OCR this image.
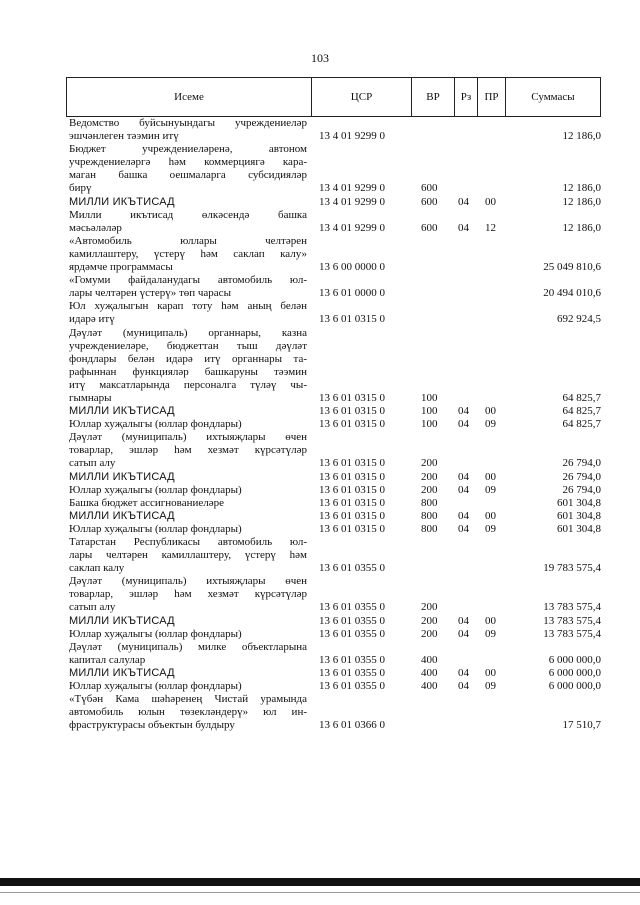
103
Исеме	ЦСР	ВР	Рз	ПР	Суммасы
Ведомство буйсынуындагы учреждениеләр
эшчәнлеген тәэмин итү	13 4 01 9299 0	12 186,0
Бюджет учреждениеләренә, автоном
учреждениеләргә һәм коммерциягә кара-
маган башка оешмаларга субсидияләр
бирү	13 4 01 9299 0	600	12 186,0
МИЛЛИ ИКЪТИСАД	13 4 01 9299 0	600 04 00	12 186,0
Милли икътисад өлкәсендә башка
мәсьәләләр	13 4 01 9299 0	600 04 12	12 186,0
«Автомобиль юллары челтәрен
камиллаштеру, үстерү һәм саклап калу»
ярдәмче программасы	13 6 00 0000 0	25 049 810,6
«Гомуми файдаланудагы автомобиль юл-
лары челтәрен үстерү» төп чарасы	13 6 01 0000 0	20 494 010,6
Юл хуҗалыгын карап тоту һәм аның белән
идарә итү	13 6 01 0315 0	692 924,5
Дәүләт (муниципаль) органнары, казна
учреждениеләре, бюджеттан тыш дәүләт
фондлары белән идарә итү органнары та-
рафыннан функцияләр башкаруны тәэмин
итү максатларында персоналга түләү чы-
гымнары	13 6 01 0315 0	100	64 825,7
МИЛЛИ ИКЪТИСАД	13 6 01 0315 0	100 04 00	64 825,7
Юллар хуҗалыгы (юллар фондлары)	13 6 01 0315 0	100 04 09	64 825,7
Дәүләт (муниципаль) ихтыяҗлары өчен
товарлар, эшләр һәм хезмәт күрсәтүләр
сатып алу	13 6 01 0315 0	200	26 794,0
МИЛЛИ ИКЪТИСАД	13 6 01 0315 0	200 04 00	26 794,0
Юллар хуҗалыгы (юллар фондлары)	13 6 01 0315 0	200 04 09	26 794,0
Башка бюджет ассигнованиеләре	13 6 01 0315 0	800	601 304,8
МИЛЛИ ИКЪТИСАД	13 6 01 0315 0	800 04 00	601 304,8
Юллар хуҗалыгы (юллар фондлары)	13 6 01 0315 0	800 04 09	601 304,8
Татарстан Республикасы автомобиль юл-
лары челтәрен камиллаштеру, үстерү һәм
саклап калу	13 6 01 0355 0	19 783 575,4
Дәүләт (муниципаль) ихтыяҗлары өчен
товарлар, эшләр һәм хезмәт күрсәтүләр
сатып алу	13 6 01 0355 0	200	13 783 575,4
МИЛЛИ ИКЪТИСАД	13 6 01 0355 0	200 04 00	13 783 575,4
Юллар хуҗалыгы (юллар фондлары)	13 6 01 0355 0	200 04 09	13 783 575,4
Дәүләт (муниципаль) милке объектларына
капитал салулар	13 6 01 0355 0	400	6 000 000,0
МИЛЛИ ИКЪТИСАД	13 6 01 0355 0	400 04 00	6 000 000,0
Юллар хуҗалыгы (юллар фондлары)	13 6 01 0355 0	400 04 09	6 000 000,0
«Түбән Кама шәһәренең Чистай урамында
автомобиль юлын төзекләндерү» юл ин-
фраструктурасы объектын булдыру	13 6 01 0366 0	17 510,7
